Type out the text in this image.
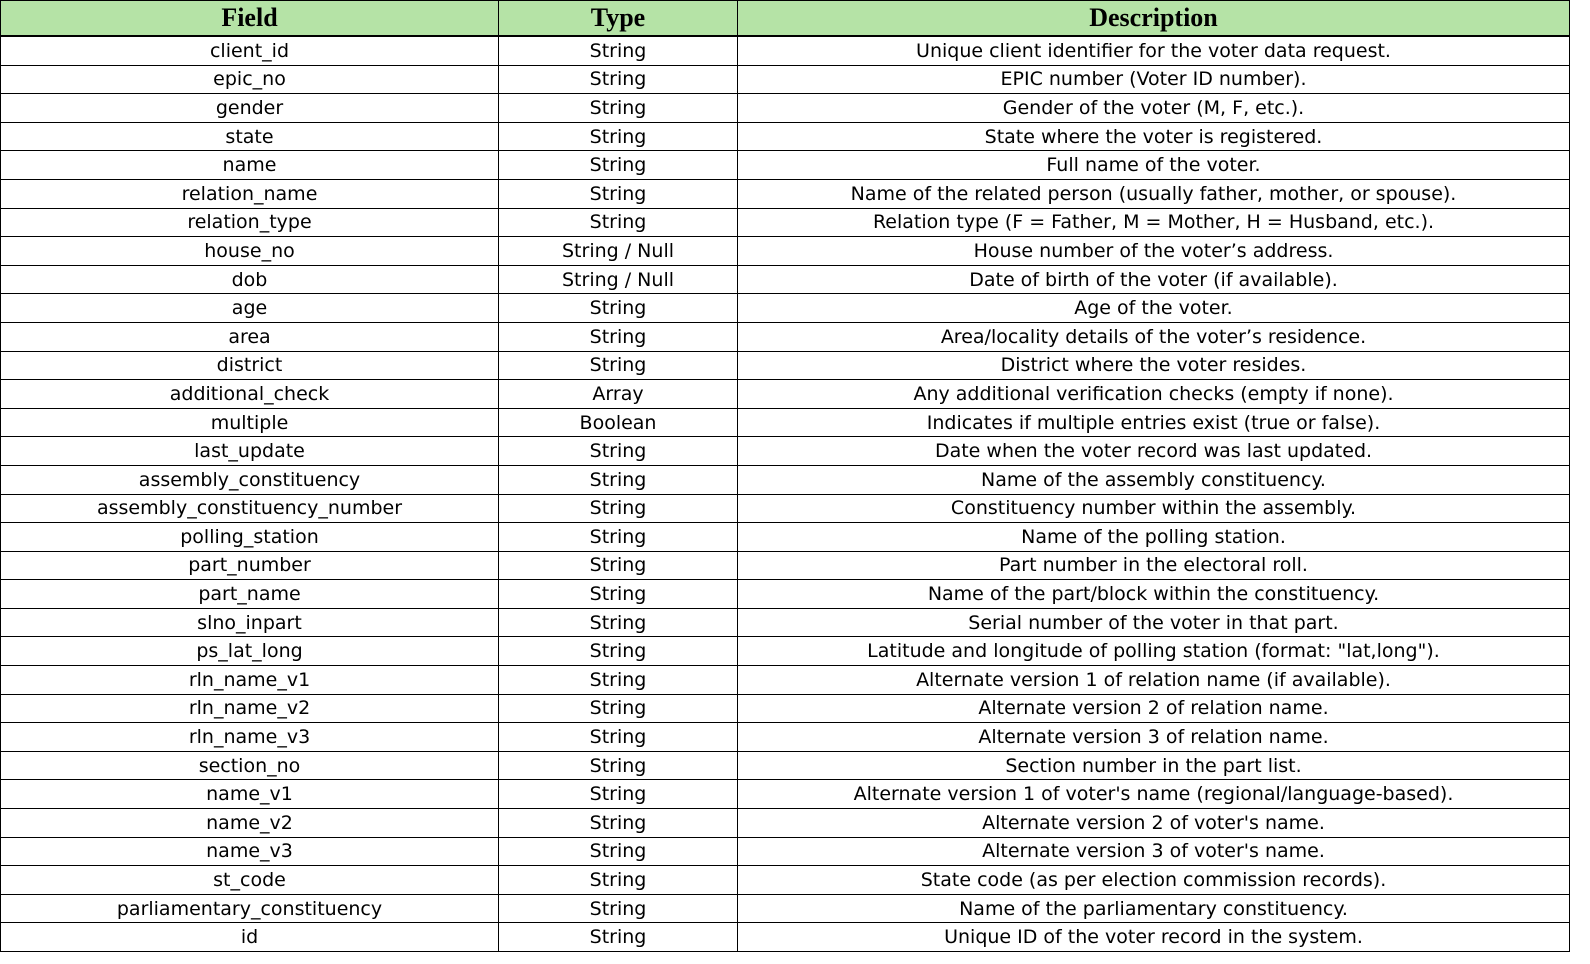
Field	Type	Description
client_id	String	Unique client identifier for the voter data request.
epic_no	String	EPIC number (Voter ID number).
gender	String	Gender of the voter (M, F, etc.).
state	String	State where the voter is registered.
name	String	Full name of the voter.
relation_name	String	Name of the related person (usually father, mother, or spouse).
relation_type	String	Relation type (F = Father, M = Mother, H = Husband, etc.).
house_no	String / Null	House number of the voter’s address.
dob	String / Null	Date of birth of the voter (if available).
age	String	Age of the voter.
area	String	Area/locality details of the voter’s residence.
district	String	District where the voter resides.
additional_check	Array	Any additional verification checks (empty if none).
multiple	Boolean	Indicates if multiple entries exist (true or false).
last_update	String	Date when the voter record was last updated.
assembly_constituency	String	Name of the assembly constituency.
assembly_constituency_number	String	Constituency number within the assembly.
polling_station	String	Name of the polling station.
part_number	String	Part number in the electoral roll.
part_name	String	Name of the part/block within the constituency.
slno_inpart	String	Serial number of the voter in that part.
ps_lat_long	String	Latitude and longitude of polling station (format: "lat,long").
rln_name_v1	String	Alternate version 1 of relation name (if available).
rln_name_v2	String	Alternate version 2 of relation name.
rln_name_v3	String	Alternate version 3 of relation name.
section_no	String	Section number in the part list.
name_v1	String	Alternate version 1 of voter's name (regional/language-based).
name_v2	String	Alternate version 2 of voter's name.
name_v3	String	Alternate version 3 of voter's name.
st_code	String	State code (as per election commission records).
parliamentary_constituency	String	Name of the parliamentary constituency.
id	String	Unique ID of the voter record in the system.
